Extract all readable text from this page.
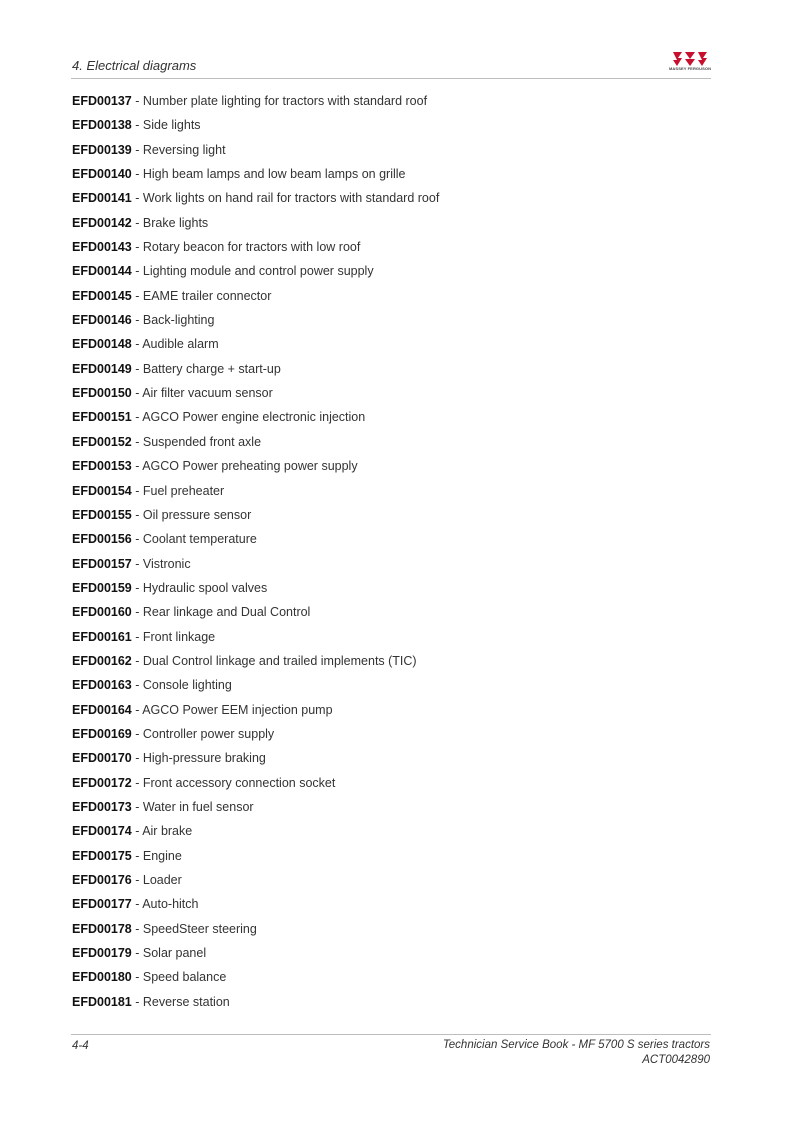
4. Electrical diagrams	MASSEY FERGUSON
EFD00137 - Number plate lighting for tractors with standard roof
EFD00138 - Side lights
EFD00139 - Reversing light
EFD00140 - High beam lamps and low beam lamps on grille
EFD00141 - Work lights on hand rail for tractors with standard roof
EFD00142 - Brake lights
EFD00143 - Rotary beacon for tractors with low roof
EFD00144 - Lighting module and control power supply
EFD00145 - EAME trailer connector
EFD00146 - Back-lighting
EFD00148 - Audible alarm
EFD00149 - Battery charge + start-up
EFD00150 - Air filter vacuum sensor
EFD00151 - AGCO Power engine electronic injection
EFD00152 - Suspended front axle
EFD00153 - AGCO Power preheating power supply
EFD00154 - Fuel preheater
EFD00155 - Oil pressure sensor
EFD00156 - Coolant temperature
EFD00157 - Vistronic
EFD00159 - Hydraulic spool valves
EFD00160 - Rear linkage and Dual Control
EFD00161 - Front linkage
EFD00162 - Dual Control linkage and trailed implements (TIC)
EFD00163 - Console lighting
EFD00164 - AGCO Power EEM injection pump
EFD00169 - Controller power supply
EFD00170 - High-pressure braking
EFD00172 - Front accessory connection socket
EFD00173 - Water in fuel sensor
EFD00174 - Air brake
EFD00175 - Engine
EFD00176 - Loader
EFD00177 - Auto-hitch
EFD00178 - SpeedSteer steering
EFD00179 - Solar panel
EFD00180 - Speed balance
EFD00181 - Reverse station
4-4	Technician Service Book - MF 5700 S series tractors
ACT0042890
